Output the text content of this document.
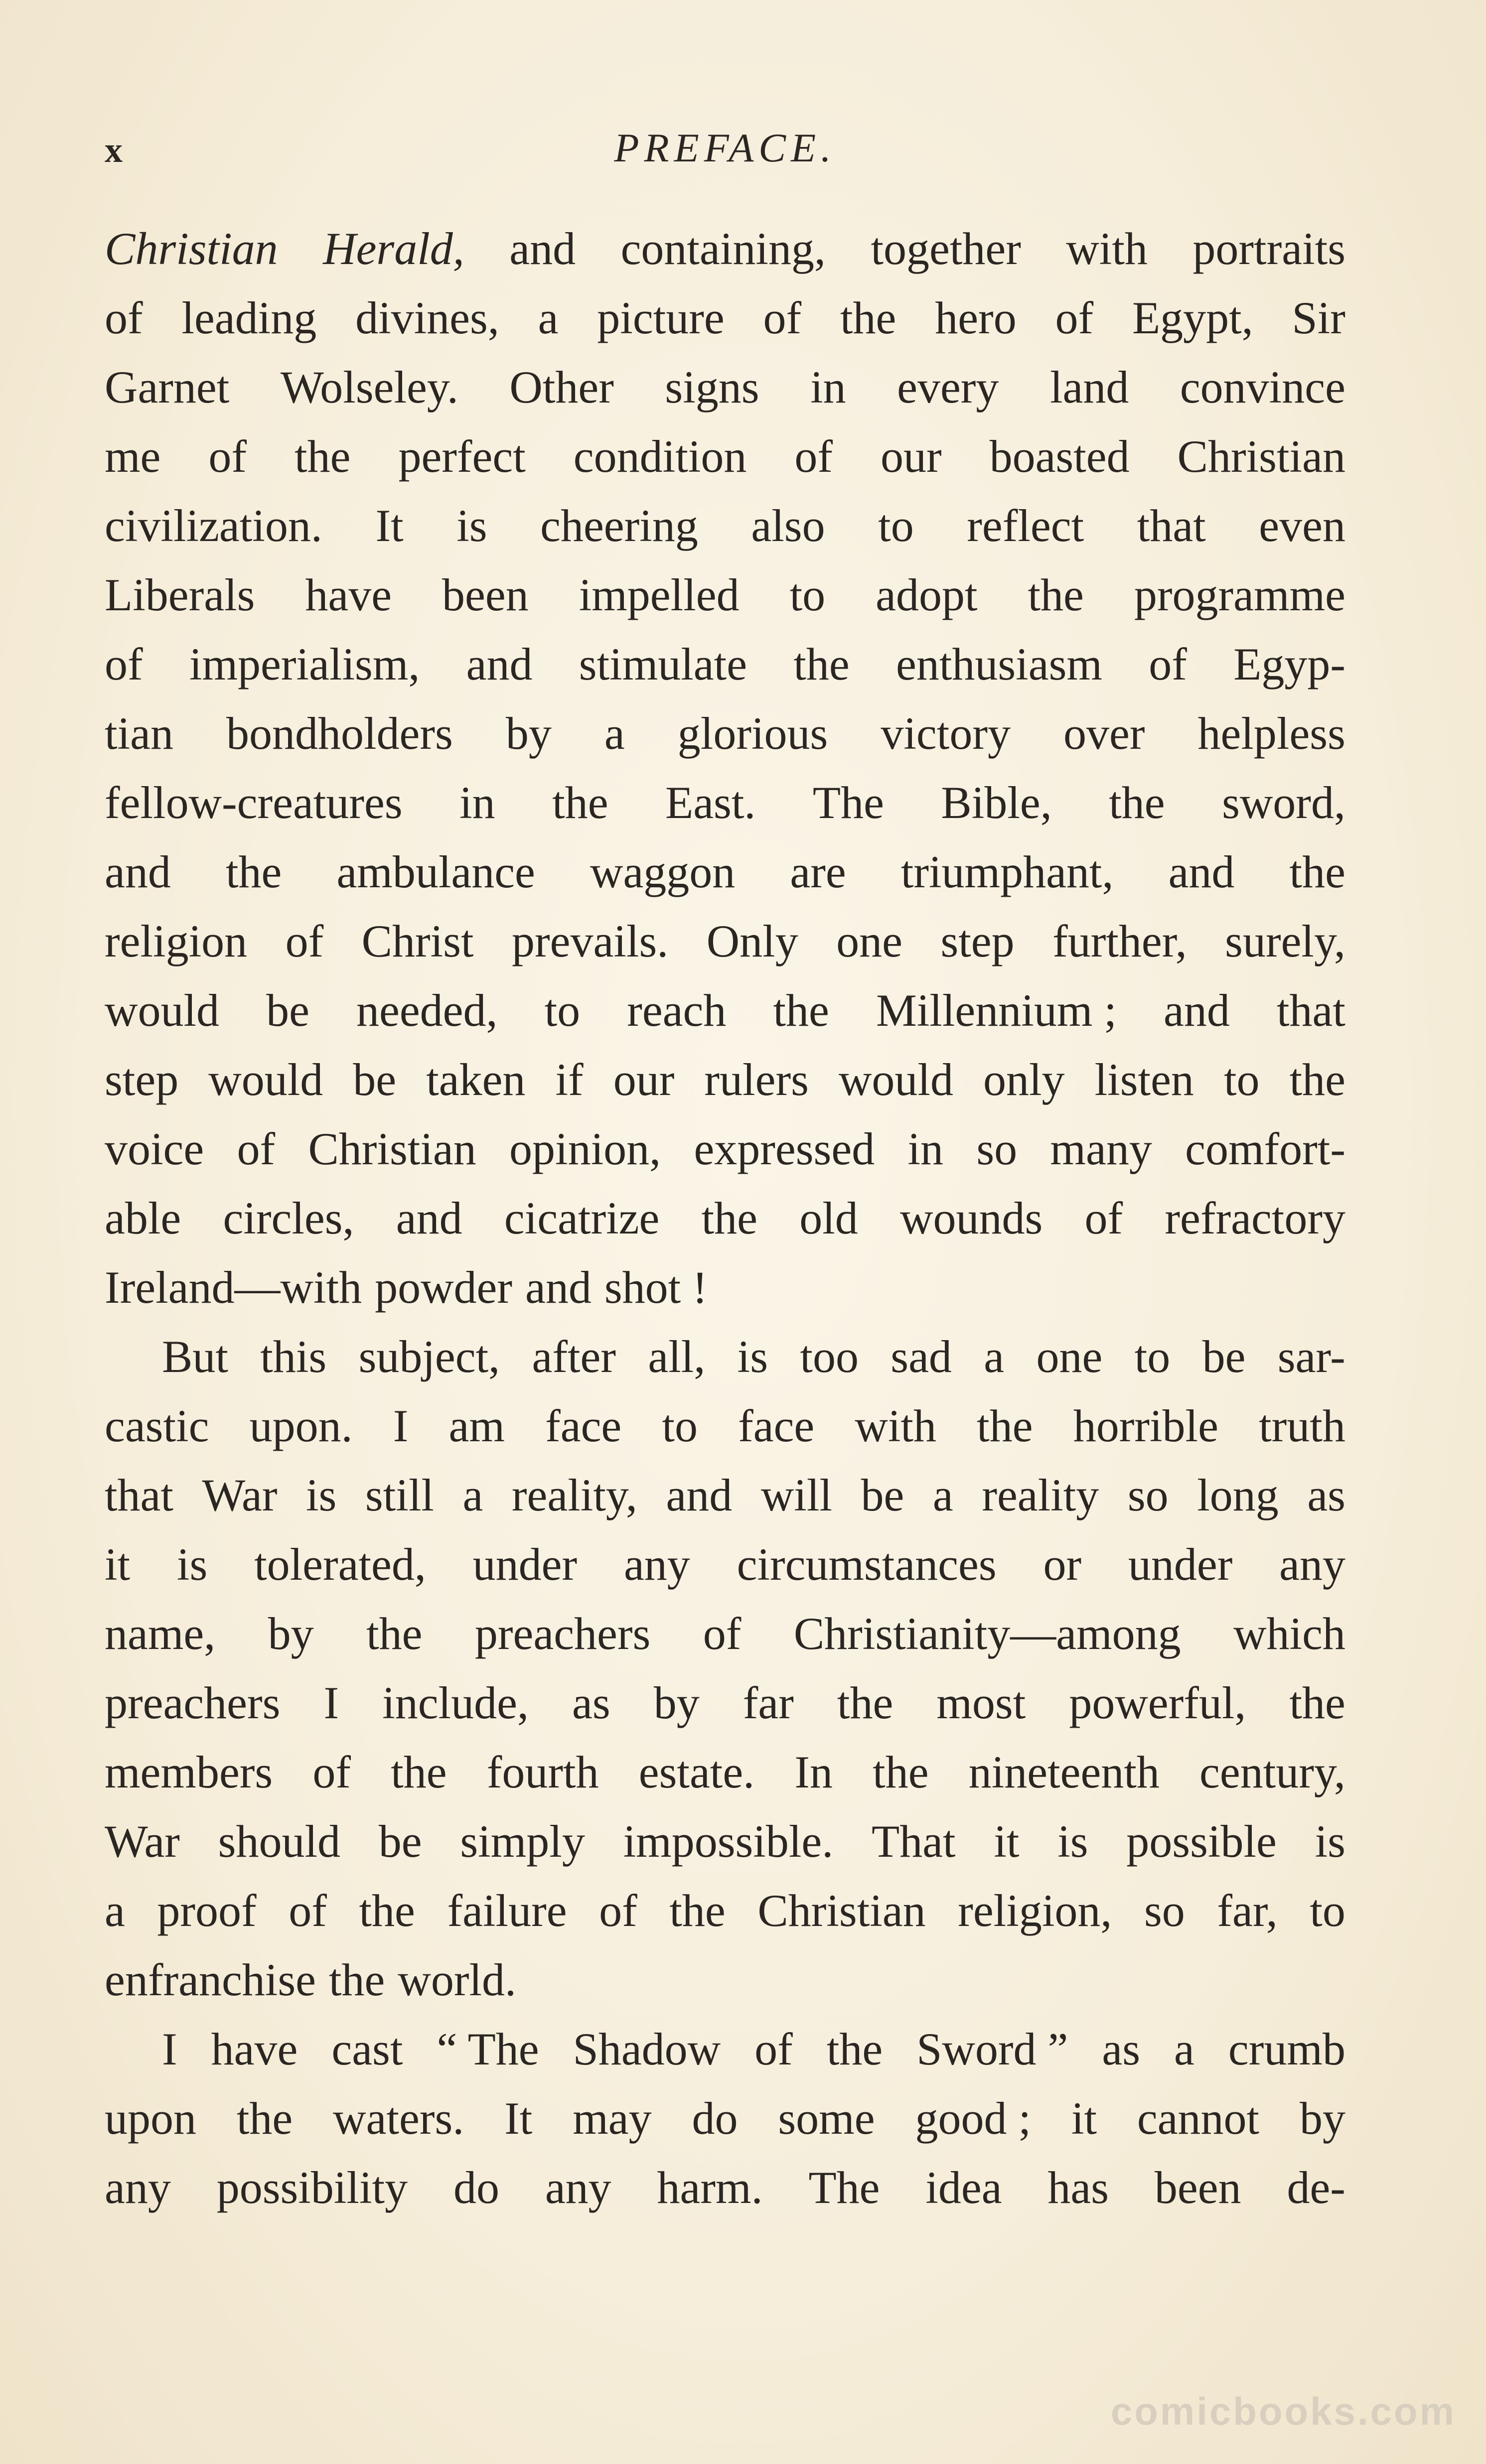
x	PREFACE.
Christian Herald, and containing, together with portraits
of leading divines, a picture of the hero of Egypt, Sir
Garnet Wolseley. Other signs in every land convince
me of the perfect condition of our boasted Christian
civilization. It is cheering also to reflect that even
Liberals have been impelled to adopt the programme
of imperialism, and stimulate the enthusiasm of Egyp-
tian bondholders by a glorious victory over helpless
fellow-creatures in the East. The Bible, the sword,
and the ambulance waggon are triumphant, and the
religion of Christ prevails. Only one step further, surely,
would be needed, to reach the Millennium ; and that
step would be taken if our rulers would only listen to the
voice of Christian opinion, expressed in so many comfort-
able circles, and cicatrize the old wounds of refractory
Ireland—with powder and shot !
But this subject, after all, is too sad a one to be sar-
castic upon. I am face to face with the horrible truth
that War is still a reality, and will be a reality so long as
it is tolerated, under any circumstances or under any
name, by the preachers of Christianity—among which
preachers I include, as by far the most powerful, the
members of the fourth estate. In the nineteenth century,
War should be simply impossible. That it is possible is
a proof of the failure of the Christian religion, so far, to
enfranchise the world.
I have cast “ The Shadow of the Sword ” as a crumb
upon the waters. It may do some good ; it cannot by
any possibility do any harm. The idea has been de-
comicbooks.com
